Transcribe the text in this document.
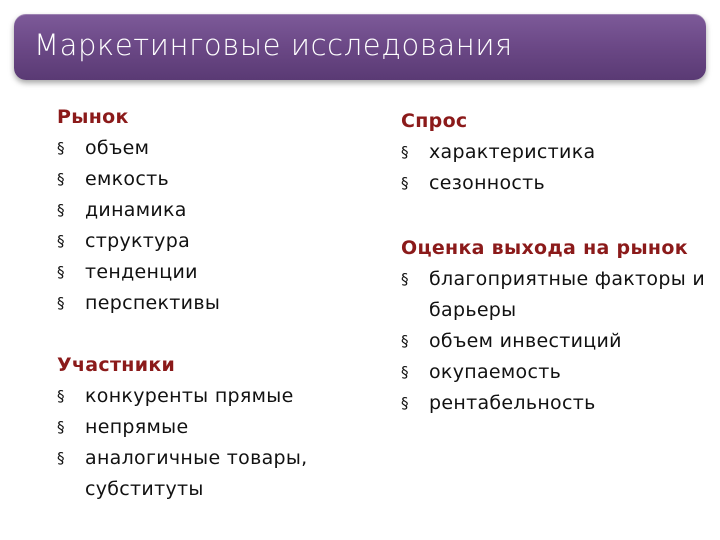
Маркетинговые исследования
Рынок
§	объем
§	емкость
§	динамика
§	структура
§	тенденции
§	перспективы
Участники
§	конкуренты прямые
§	непрямые
§	аналогичные товары, субституты
Спрос
§	характеристика
§	сезонность
Оценка выхода на рынок
§	благоприятные факторы и барьеры
§	объем инвестиций
§	окупаемость
§	рентабельность
